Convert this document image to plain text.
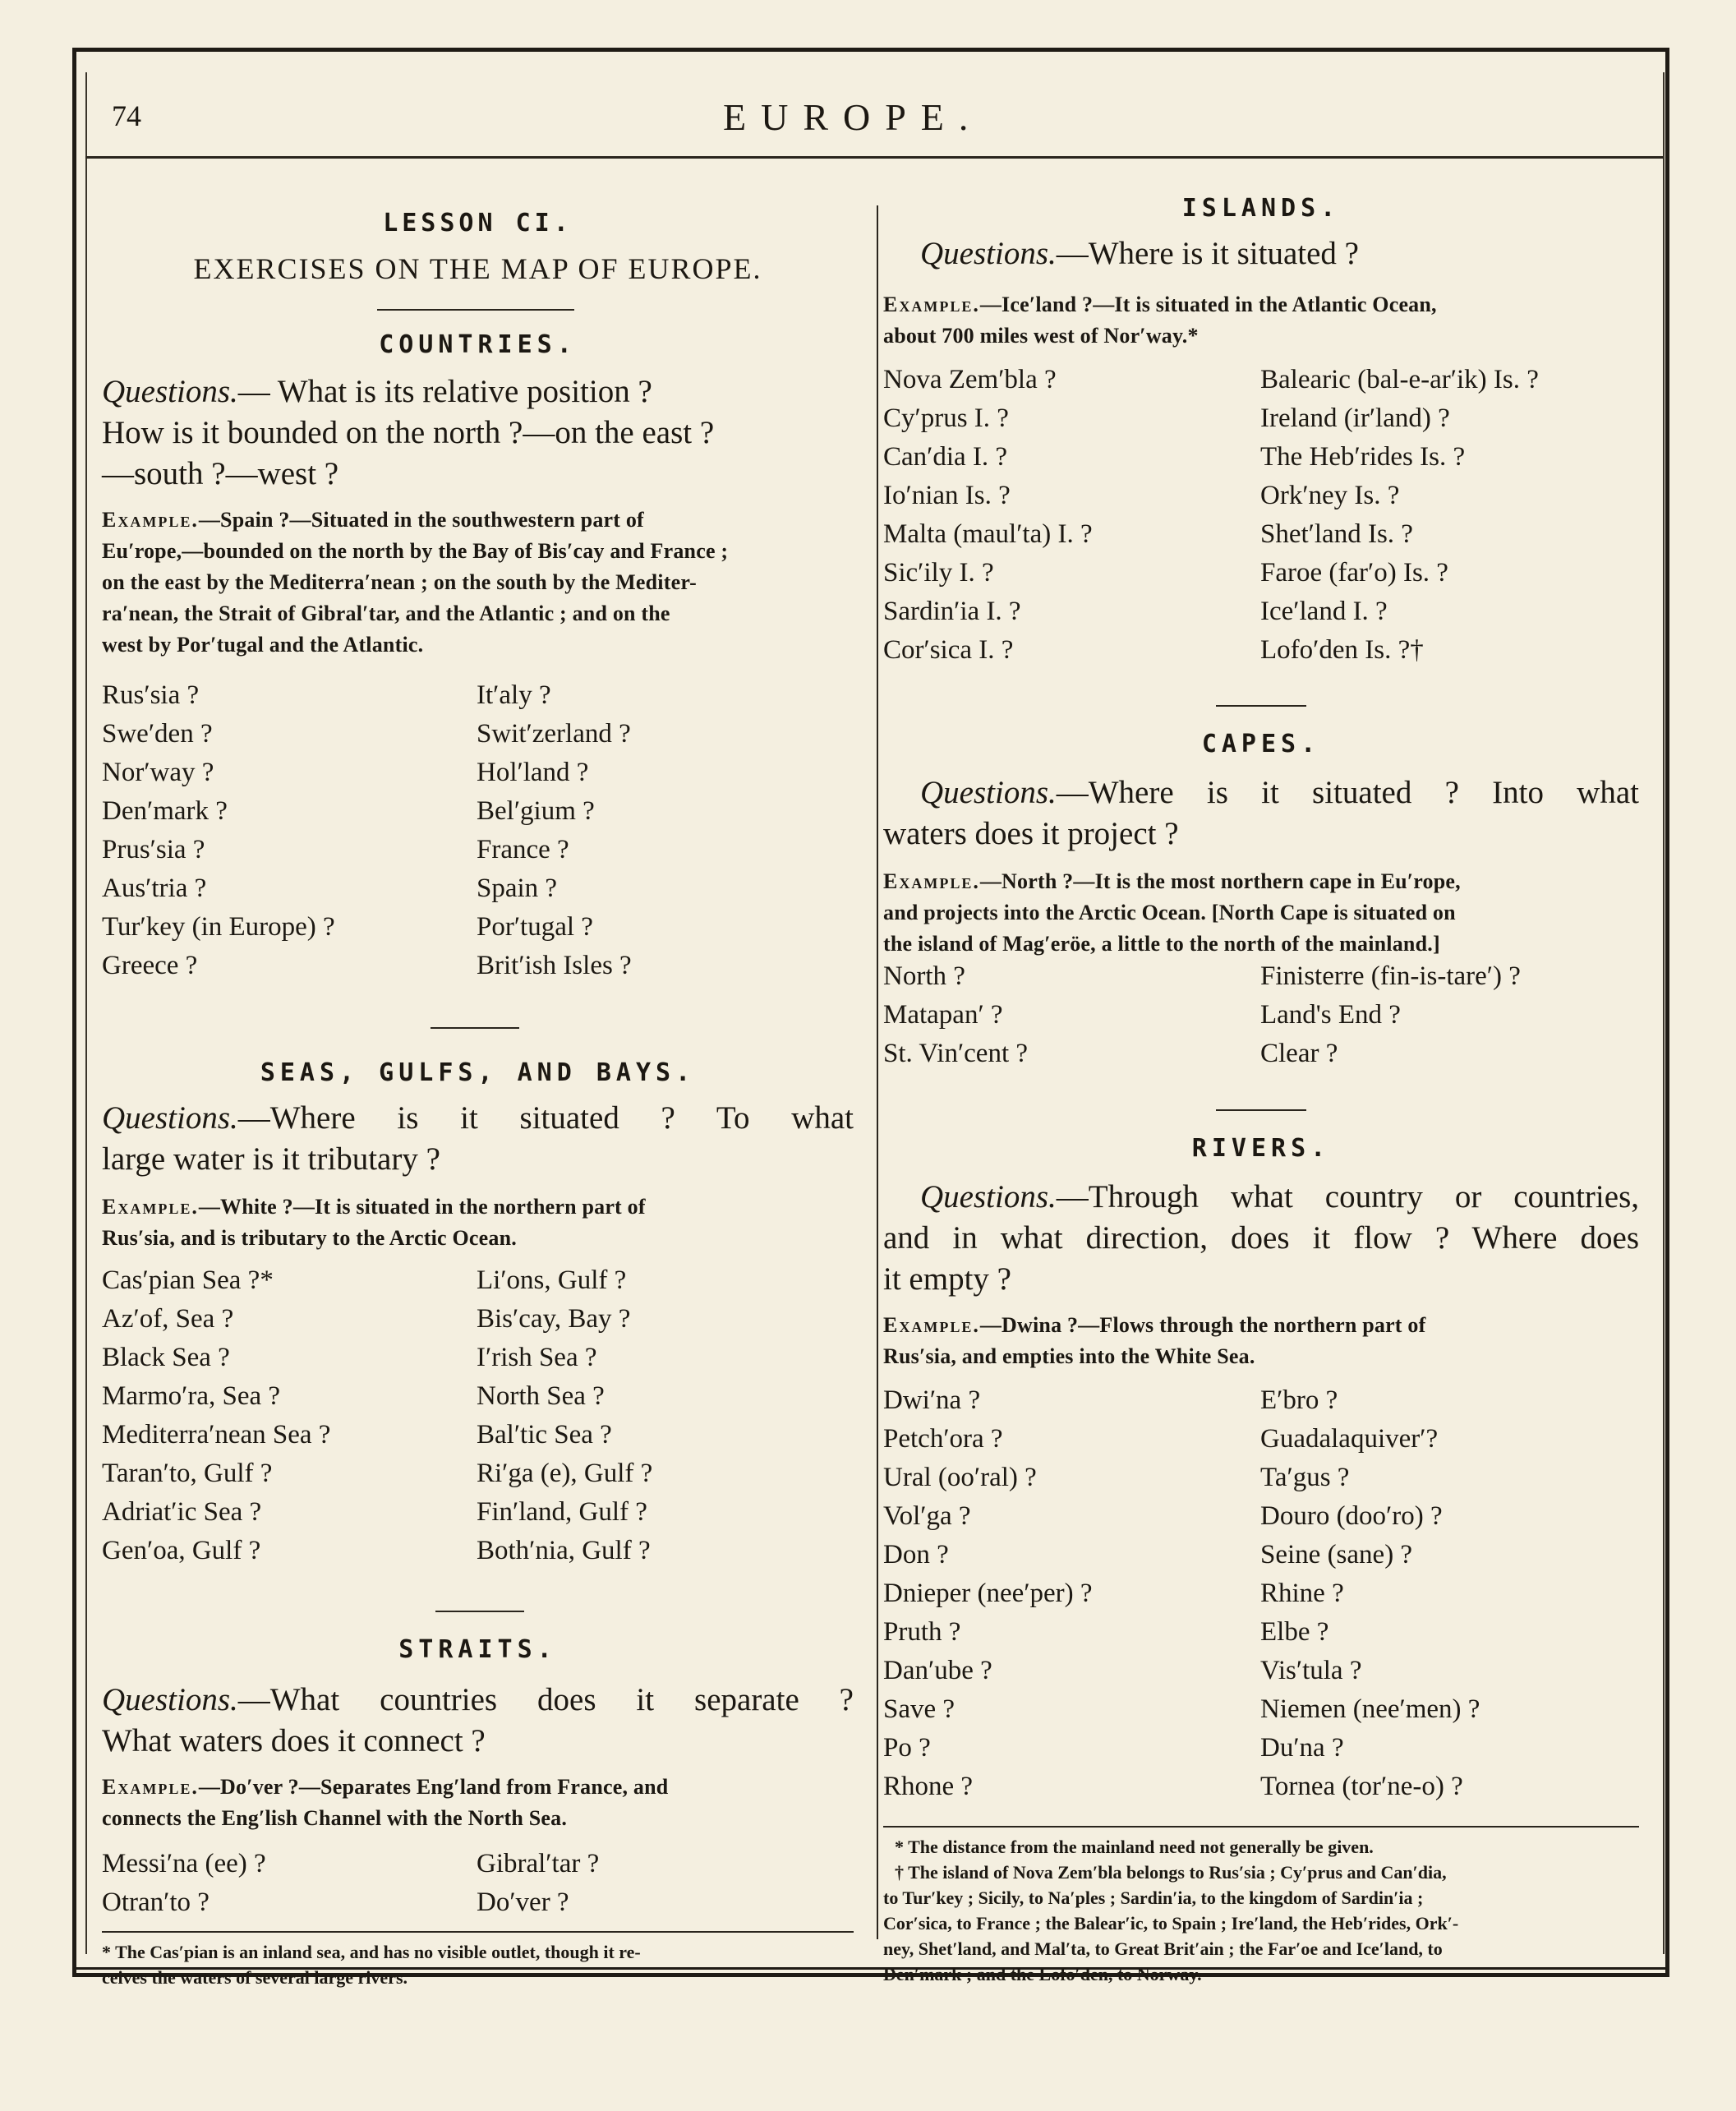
74	EUROPE.
LESSON CI.
EXERCISES ON THE MAP OF EUROPE.
COUNTRIES.
Questions.— What is its relative position ?
How is it bounded on the north ?—on the east ?
—south ?—west ?
Example.—Spain ?—Situated in the southwestern part of
Eu′rope,—bounded on the north by the Bay of Bis′cay and France ;
on the east by the Mediterra′nean ; on the south by the Mediter-
ra′nean, the Strait of Gibral′tar, and the Atlantic ; and on the
west by Por′tugal and the Atlantic.
Rus′sia ?
Swe′den ?
Nor′way ?
Den′mark ?
Prus′sia ?
Aus′tria ?
Tur′key (in Europe) ?
Greece ?
It′aly ?
Swit′zerland ?
Hol′land ?
Bel′gium ?
France ?
Spain ?
Por′tugal ?
Brit′ish Isles ?
SEAS, GULFS, AND BAYS.
Questions.—Where is it situated ? To what
large water is it tributary ?
Example.—White ?—It is situated in the northern part of
Rus′sia, and is tributary to the Arctic Ocean.
Cas′pian Sea ?*
Az′of, Sea ?
Black Sea ?
Marmo′ra, Sea ?
Mediterra′nean Sea ?
Taran′to, Gulf ?
Adriat′ic Sea ?
Gen′oa, Gulf ?
Li′ons, Gulf ?
Bis′cay, Bay ?
I′rish Sea ?
North Sea ?
Bal′tic Sea ?
Ri′ga (e), Gulf ?
Fin′land, Gulf ?
Both′nia, Gulf ?
STRAITS.
Questions.—What countries does it separate ?
What waters does it connect ?
Example.—Do′ver ?—Separates Eng′land from France, and
connects the Eng′lish Channel with the North Sea.
Messi′na (ee) ?
Otran′to ?
Gibral′tar ?
Do′ver ?
* The Cas′pian is an inland sea, and has no visible outlet, though it re-
ceives the waters of several large rivers.
ISLANDS.
Questions.—Where is it situated ?
Example.—Ice′land ?—It is situated in the Atlantic Ocean,
about 700 miles west of Nor′way.*
Nova Zem′bla ?
Cy′prus I. ?
Can′dia I. ?
Io′nian Is. ?
Malta (maul′ta) I. ?
Sic′ily I. ?
Sardin′ia I. ?
Cor′sica I. ?
Balearic (bal-e-ar′ik) Is. ?
Ireland (ir′land) ?
The Heb′rides Is. ?
Ork′ney Is. ?
Shet′land Is. ?
Faroe (far′o) Is. ?
Ice′land I. ?
Lofo′den Is. ?†
CAPES.
Questions.—Where is it situated ? Into what
waters does it project ?
Example.—North ?—It is the most northern cape in Eu′rope,
and projects into the Arctic Ocean. [North Cape is situated on
the island of Mag′eröe, a little to the north of the mainland.]
North ?
Matapan′ ?
St. Vin′cent ?
Finisterre (fin-is-tare′) ?
Land's End ?
Clear ?
RIVERS.
Questions.—Through what country or countries,
and in what direction, does it flow ? Where does
it empty ?
Example.—Dwina ?—Flows through the northern part of
Rus′sia, and empties into the White Sea.
Dwi′na ?
Petch′ora ?
Ural (oo′ral) ?
Vol′ga ?
Don ?
Dnieper (nee′per) ?
Pruth ?
Dan′ube ?
Save ?
Po ?
Rhone ?
E′bro ?
Guadalaquiver′?
Ta′gus ?
Douro (doo′ro) ?
Seine (sane) ?
Rhine ?
Elbe ?
Vis′tula ?
Niemen (nee′men) ?
Du′na ?
Tornea (tor′ne-o) ?
* The distance from the mainland need not generally be given.
† The island of Nova Zem′bla belongs to Rus′sia ; Cy′prus and Can′dia,
to Tur′key ; Sicily, to Na′ples ; Sardin′ia, to the kingdom of Sardin′ia ;
Cor′sica, to France ; the Balear′ic, to Spain ; Ire′land, the Heb′rides, Ork′-
ney, Shet′land, and Mal′ta, to Great Brit′ain ; the Far′oe and Ice′land, to
Den′mark ; and the Lofo′den, to Norway.
